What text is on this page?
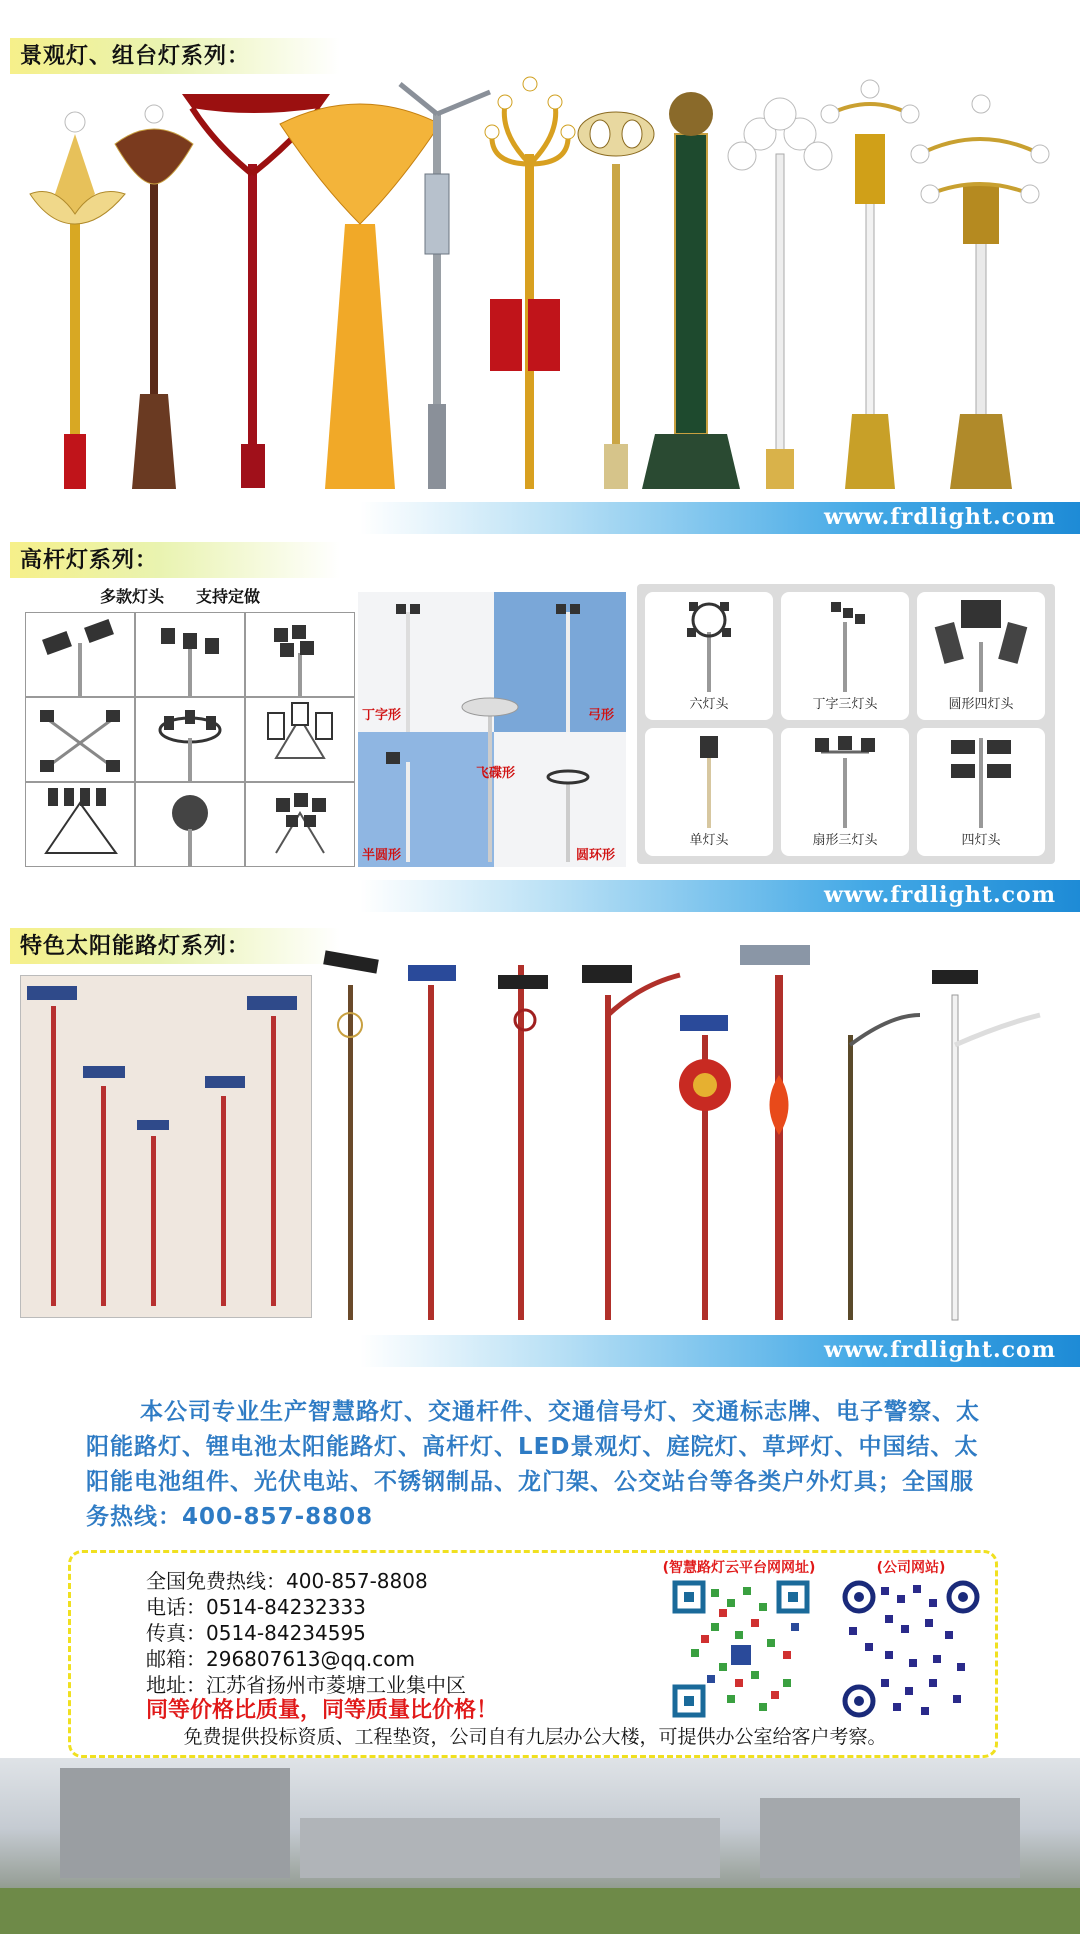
景观灯、组台灯系列：
www.frdlight.com
高杆灯系列：
多款灯头　　支持定做
丁字形	弓形
飞碟形
半圆形	圆环形
六灯头	丁字三灯头	圆形四灯头
单灯头	扇形三灯头	四灯头
www.frdlight.com
特色太阳能路灯系列：
www.frdlight.com
本公司专业生产智慧路灯、交通杆件、交通信号灯、交通标志牌、电子警察、太阳能路灯、锂电池太阳能路灯、高杆灯、LED景观灯、庭院灯、草坪灯、中国结、太阳能电池组件、光伏电站、不锈钢制品、龙门架、公交站台等各类户外灯具；全国服务热线：400-857-8808
全国免费热线：400-857-8808
电话：0514-84232333
传真：0514-84234595
邮箱：296807613@qq.com
地址：江苏省扬州市菱塘工业集中区
同等价格比质量，同等质量比价格！
(智慧路灯云平台网网址)	(公司网站)
免费提供投标资质、工程垫资，公司自有九层办公大楼，可提供办公室给客户考察。
